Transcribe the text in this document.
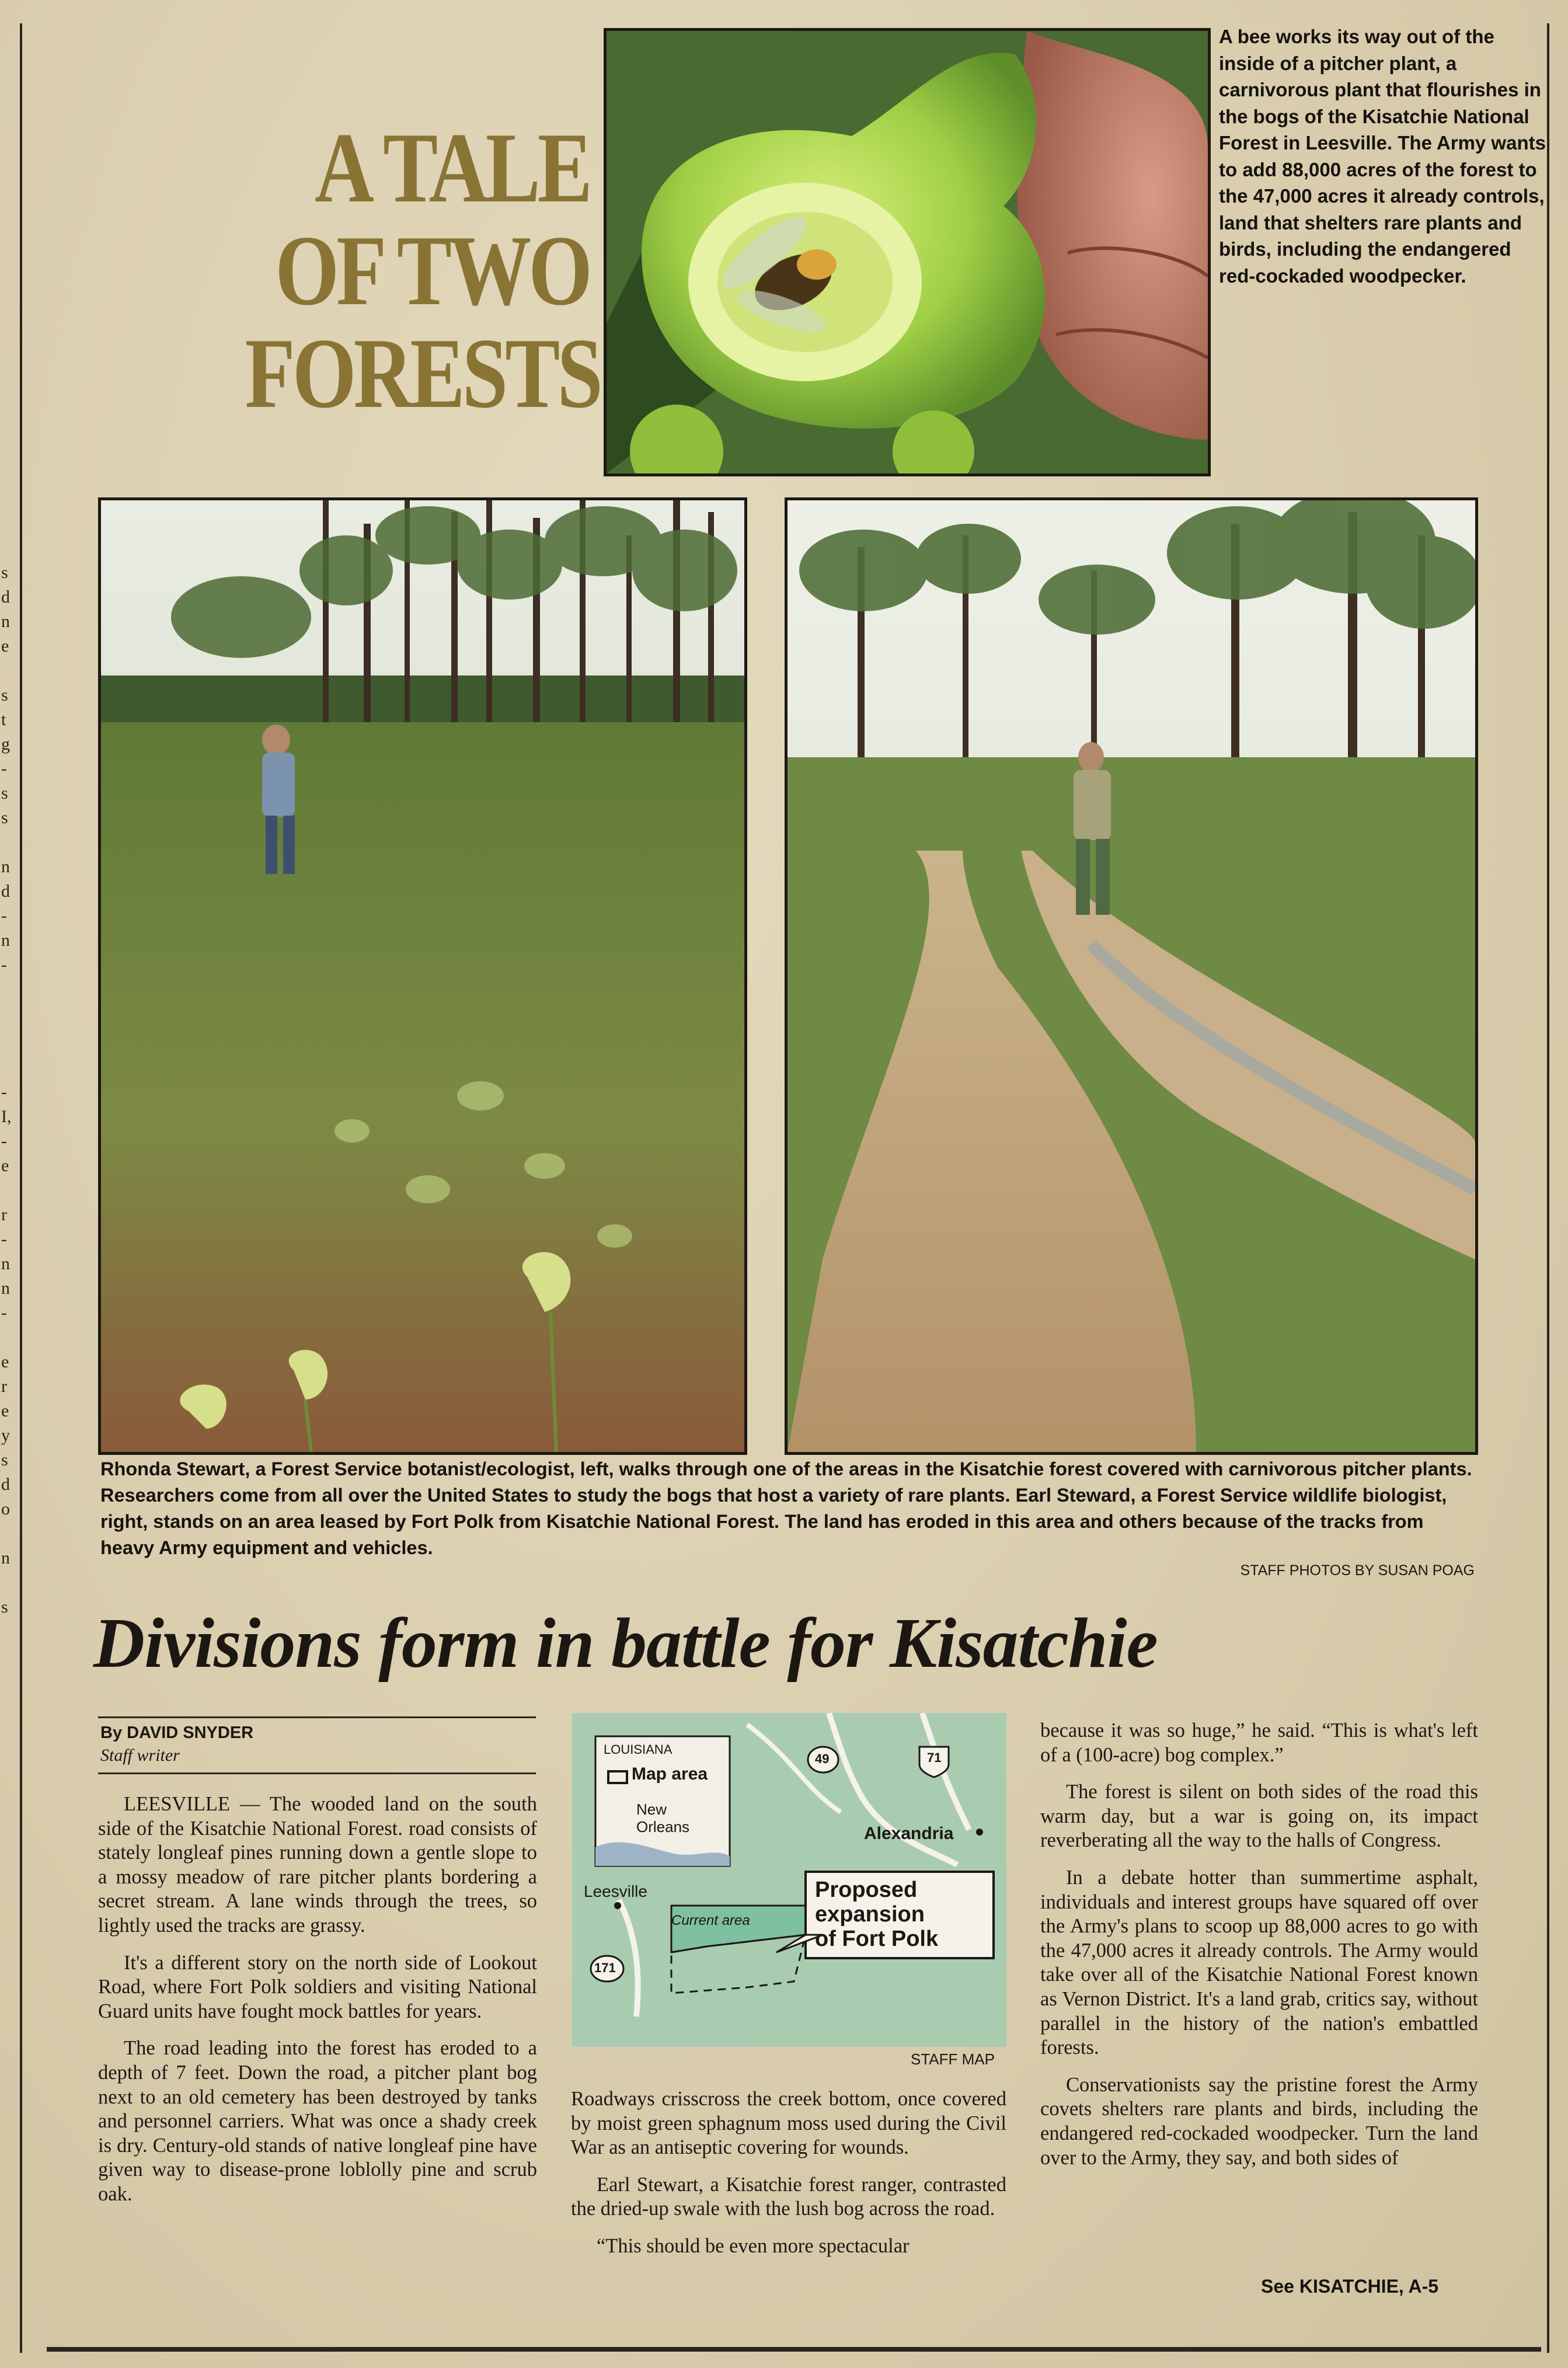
s
d
n
e

s
t
g
-
s
s

n
d
-
n
-
-
I,
-
e

r
-
n
n
-

e
r
e
y
s
d
o

n

s
A TALE
OF TWO
FORESTS
A bee works its way out of the inside of a pitcher plant, a carnivorous plant that flourishes in the bogs of the Kisatchie National Forest in Leesville. The Army wants to add 88,000 acres of the forest to the 47,000 acres it already controls, land that shelters rare plants and birds, including the endangered red-cockaded woodpecker.
Rhonda Stewart, a Forest Service botanist/ecologist, left, walks through one of the areas in the Kisatchie forest covered with carnivorous pitcher plants. Researchers come from all over the United States to study the bogs that host a variety of rare plants. Earl Steward, a Forest Service wildlife biologist, right, stands on an area leased by Fort Polk from Kisatchie National Forest. The land has eroded in this area and others because of the tracks from heavy Army equipment and vehicles.
STAFF PHOTOS BY SUSAN POAG
Divisions form in battle for Kisatchie
By DAVID SNYDER
Staff writer

LEESVILLE — The wooded land on the south side of the Kisatchie National Forest. road consists of stately longleaf pines running down a gentle slope to a mossy meadow of rare pitcher plants bordering a secret stream. A lane winds through the trees, so lightly used the tracks are grassy.

It's a different story on the north side of Lookout Road, where Fort Polk soldiers and visiting National Guard units have fought mock battles for years.

The road leading into the forest has eroded to a depth of 7 feet. Down the road, a pitcher plant bog next to an old cemetery has been destroyed by tanks and personnel carriers. What was once a shady creek is dry. Century-old stands of native longleaf pine have given way to disease-prone loblolly pine and scrub oak.

LOUISIANA
Map area
New Orleans
49	71
171
Alexandria
Leesville
Current area
Proposed
expansion
of Fort Polk
STAFF MAP

Roadways crisscross the creek bottom, once covered by moist green sphagnum moss used during the Civil War as an antiseptic covering for wounds.

Earl Stewart, a Kisatchie forest ranger, contrasted the dried-up swale with the lush bog across the road.

“This should be even more spectacular

because it was so huge,” he said. “This is what's left of a (100-acre) bog complex.”

The forest is silent on both sides of the road this warm day, but a war is going on, its impact reverberating all the way to the halls of Congress.

In a debate hotter than summertime asphalt, individuals and interest groups have squared off over the Army's plans to scoop up 88,000 acres to go with the 47,000 acres it already controls. The Army would take over all of the Kisatchie National Forest known as Vernon District. It's a land grab, critics say, without parallel in the history of the nation's embattled forests.

Conservationists say the pristine forest the Army covets shelters rare plants and birds, including the endangered red-cockaded woodpecker. Turn the land over to the Army, they say, and both sides of

See KISATCHIE, A-5
